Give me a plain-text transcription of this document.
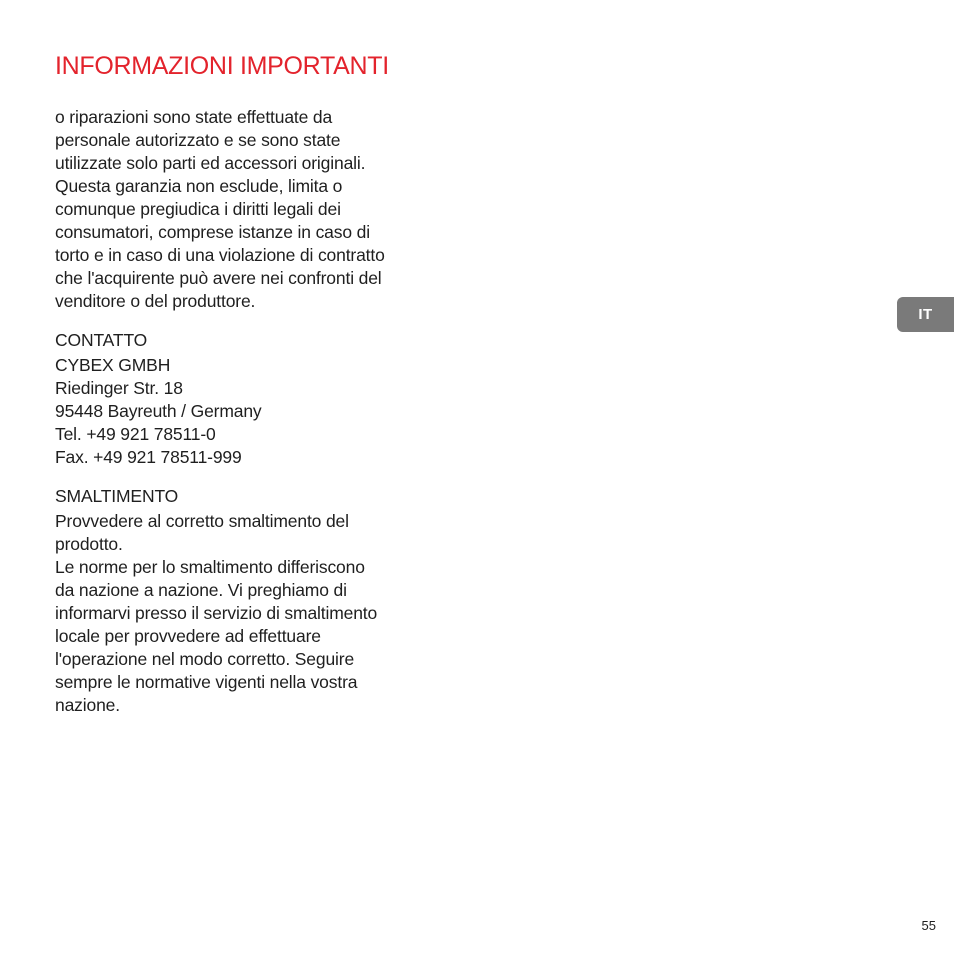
INFORMAZIONI IMPORTANTI

o riparazioni sono state effettuate da
personale autorizzato e se sono state
utilizzate solo parti ed accessori originali.
Questa garanzia non esclude, limita o
comunque pregiudica i diritti legali dei
consumatori, comprese istanze in caso di
torto e in caso di una violazione di contratto
che l'acquirente può avere nei confronti del
venditore o del produttore.

CONTATTO

CYBEX GMBH

Riedinger Str. 18
95448 Bayreuth / Germany
Tel. +49 921 78511-0
Fax. +49 921 78511-999

SMALTIMENTO

Provvedere al corretto smaltimento del
prodotto.
Le norme per lo smaltimento differiscono
da nazione a nazione. Vi preghiamo di
informarvi presso il servizio di smaltimento
locale per provvedere ad effettuare
l'operazione nel modo corretto. Seguire
sempre le normative vigenti nella vostra
nazione.

IT
55
